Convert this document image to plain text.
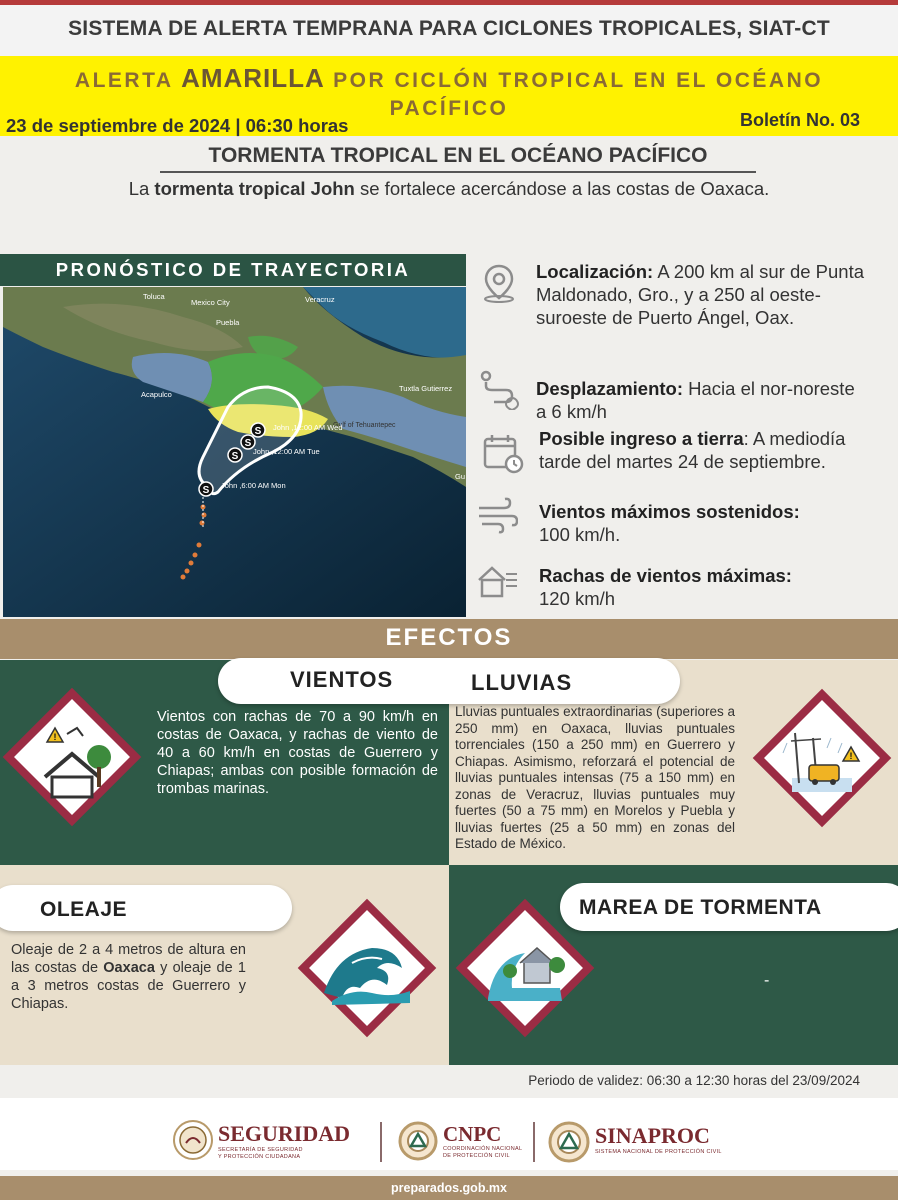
SISTEMA DE ALERTA TEMPRANA PARA CICLONES TROPICALES, SIAT-CT
ALERTA AMARILLA POR CICLÓN TROPICAL EN EL OCÉANO PACÍFICO
23 de septiembre de 2024 | 06:30 horas	Boletín No. 03
TORMENTA TROPICAL EN EL OCÉANO PACÍFICO
La tormenta tropical John se fortalece acercándose a las costas de Oaxaca.
PRONÓSTICO DE TRAYECTORIA
S
S
S
S
Toluca
Mexico City
Puebla
Veracruz
Acapulco
Tuxtla Gutierrez
Gulf of Tehuantepec
Gu
John ,12:00 AM Wed
John ,12:00 AM Tue
John ,6:00 AM Mon
Localización: A 200 km al sur de Punta Maldonado, Gro., y a 250 al oeste-suroeste de Puerto Ángel, Oax.
Desplazamiento: Hacia el nor-noreste a 6 km/h
Posible ingreso a tierra: A mediodía tarde del martes 24 de septiembre.
Vientos máximos sostenidos:
100 km/h.
Rachas de vientos máximas:
120 km/h
EFECTOS
VIENTOS	LLUVIAS
!
Vientos con rachas de 70 a 90 km/h en costas de Oaxaca, y rachas de viento de 40 a 60 km/h en costas de Guerrero y Chiapas; ambas con posible formación de trombas marinas.
Lluvias puntuales extraordinarias (superiores a 250 mm) en Oaxaca, lluvias puntuales torrenciales (150 a 250 mm) en Guerrero y Chiapas. Asimismo, reforzará el potencial de lluvias puntuales intensas (75 a 150 mm) en zonas de Veracruz, lluvias puntuales muy fuertes (50 a 75 mm) en Morelos y Puebla y lluvias fuertes (25 a 50 mm) en zonas del Estado de México.
!
OLEAJE
Oleaje de 2 a 4 metros de altura en las costas de Oaxaca y oleaje de 1 a 3 metros costas de Guerrero y Chiapas.
MAREA DE TORMENTA
-
Periodo de validez: 06:30 a 12:30 horas del 23/09/2024
SEGURIDAD
SECRETARÍA DE SEGURIDAD
Y PROTECCIÓN CIUDADANA
CNPC
COORDINACIÓN NACIONAL
DE PROTECCIÓN CIVIL
SINAPROC
SISTEMA NACIONAL DE PROTECCIÓN CIVIL
preparados.gob.mx
